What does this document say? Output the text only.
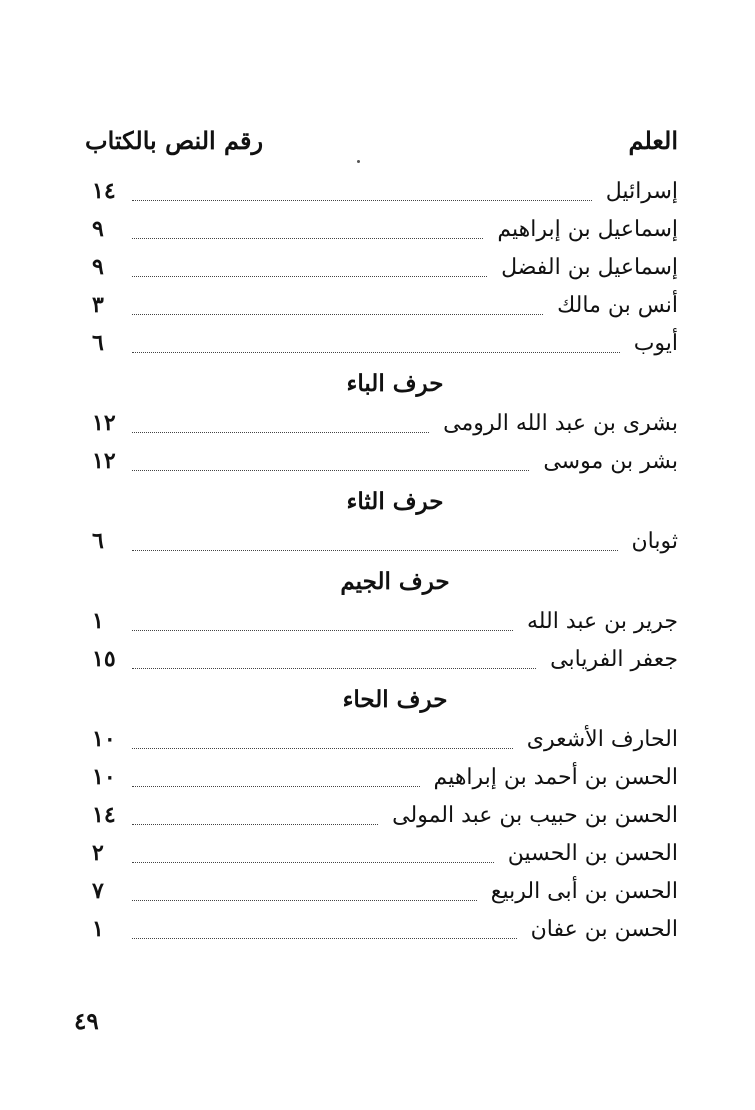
العلم
رقم النص بالكتاب
إسرائيل
١٤
إسماعيل بن إبراهيم
٩
إسماعيل بن الفضل
٩
أنس بن مالك
٣
أيوب
٦
حرف الباء
بشرى بن عبد الله الرومى
١٢
بشر بن موسى
١٢
حرف الثاء
ثوبان
٦
حرف الجيم
جرير بن عبد الله
١
جعفر الفريابى
١٥
حرف الحاء
الحارف الأشعرى
١٠
الحسن بن أحمد بن إبراهيم
١٠
الحسن بن حبيب بن عبد المولى
١٤
الحسن بن الحسين
٢
الحسن بن أبى الربيع
٧
الحسن بن عفان
١
٤٩
